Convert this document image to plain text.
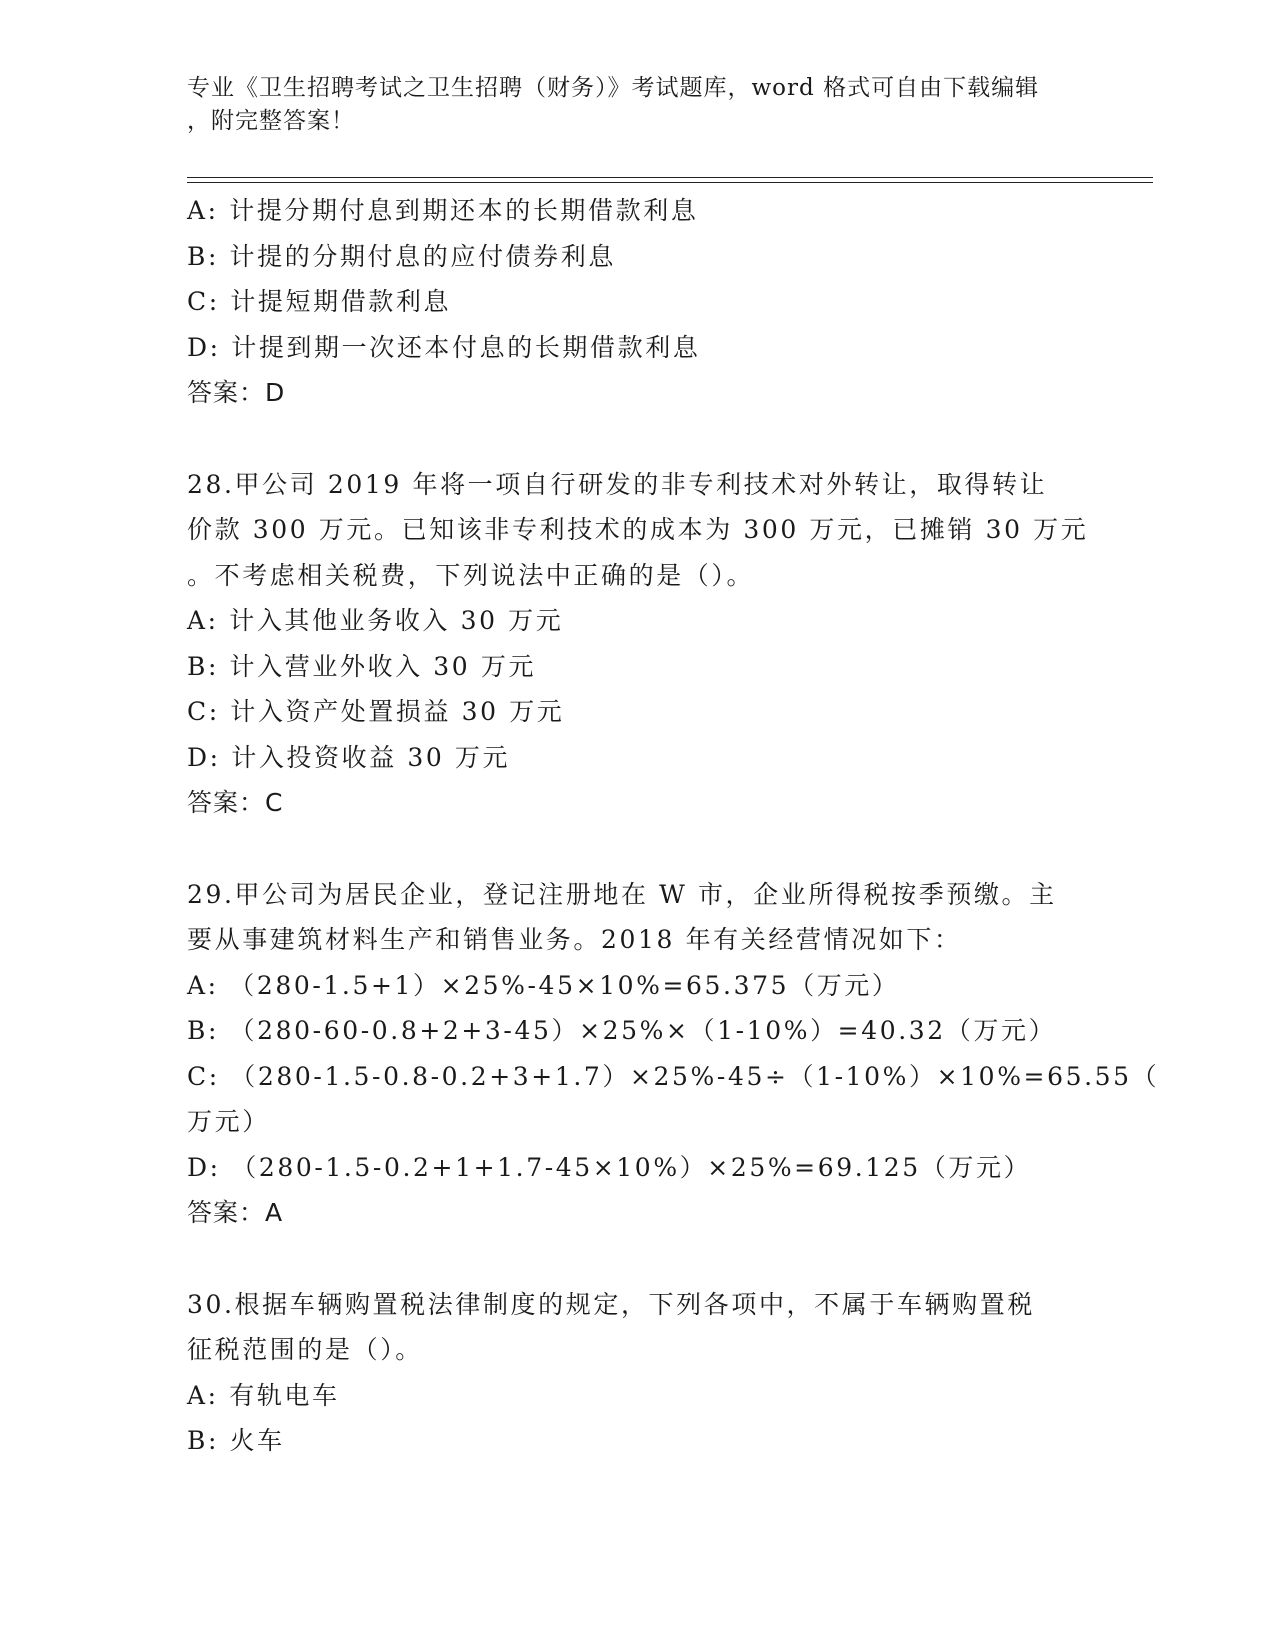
专业《卫生招聘考试之卫生招聘（财务）》考试题库，word 格式可自由下载编辑
，附完整答案！
A: 计提分期付息到期还本的长期借款利息
B: 计提的分期付息的应付债券利息
C: 计提短期借款利息
D: 计提到期一次还本付息的长期借款利息
答案：D
28.甲公司 2019 年将一项自行研发的非专利技术对外转让，取得转让
价款 300 万元。已知该非专利技术的成本为 300 万元，已摊销 30 万元
。不考虑相关税费，下列说法中正确的是（）。
A: 计入其他业务收入 30 万元
B: 计入营业外收入 30 万元
C: 计入资产处置损益 30 万元
D: 计入投资收益 30 万元
答案：C
29.甲公司为居民企业，登记注册地在 W 市，企业所得税按季预缴。主
要从事建筑材料生产和销售业务。2018 年有关经营情况如下：
A: （280-1.5+1）×25%-45×10%=65.375（万元）
B: （280-60-0.8+2+3-45）×25%×（1-10%）=40.32（万元）
C: （280-1.5-0.8-0.2+3+1.7）×25%-45÷（1-10%）×10%=65.55（
万元）
D: （280-1.5-0.2+1+1.7-45×10%）×25%=69.125（万元）
答案：A
30.根据车辆购置税法律制度的规定，下列各项中，不属于车辆购置税
征税范围的是（）。
A: 有轨电车
B: 火车
